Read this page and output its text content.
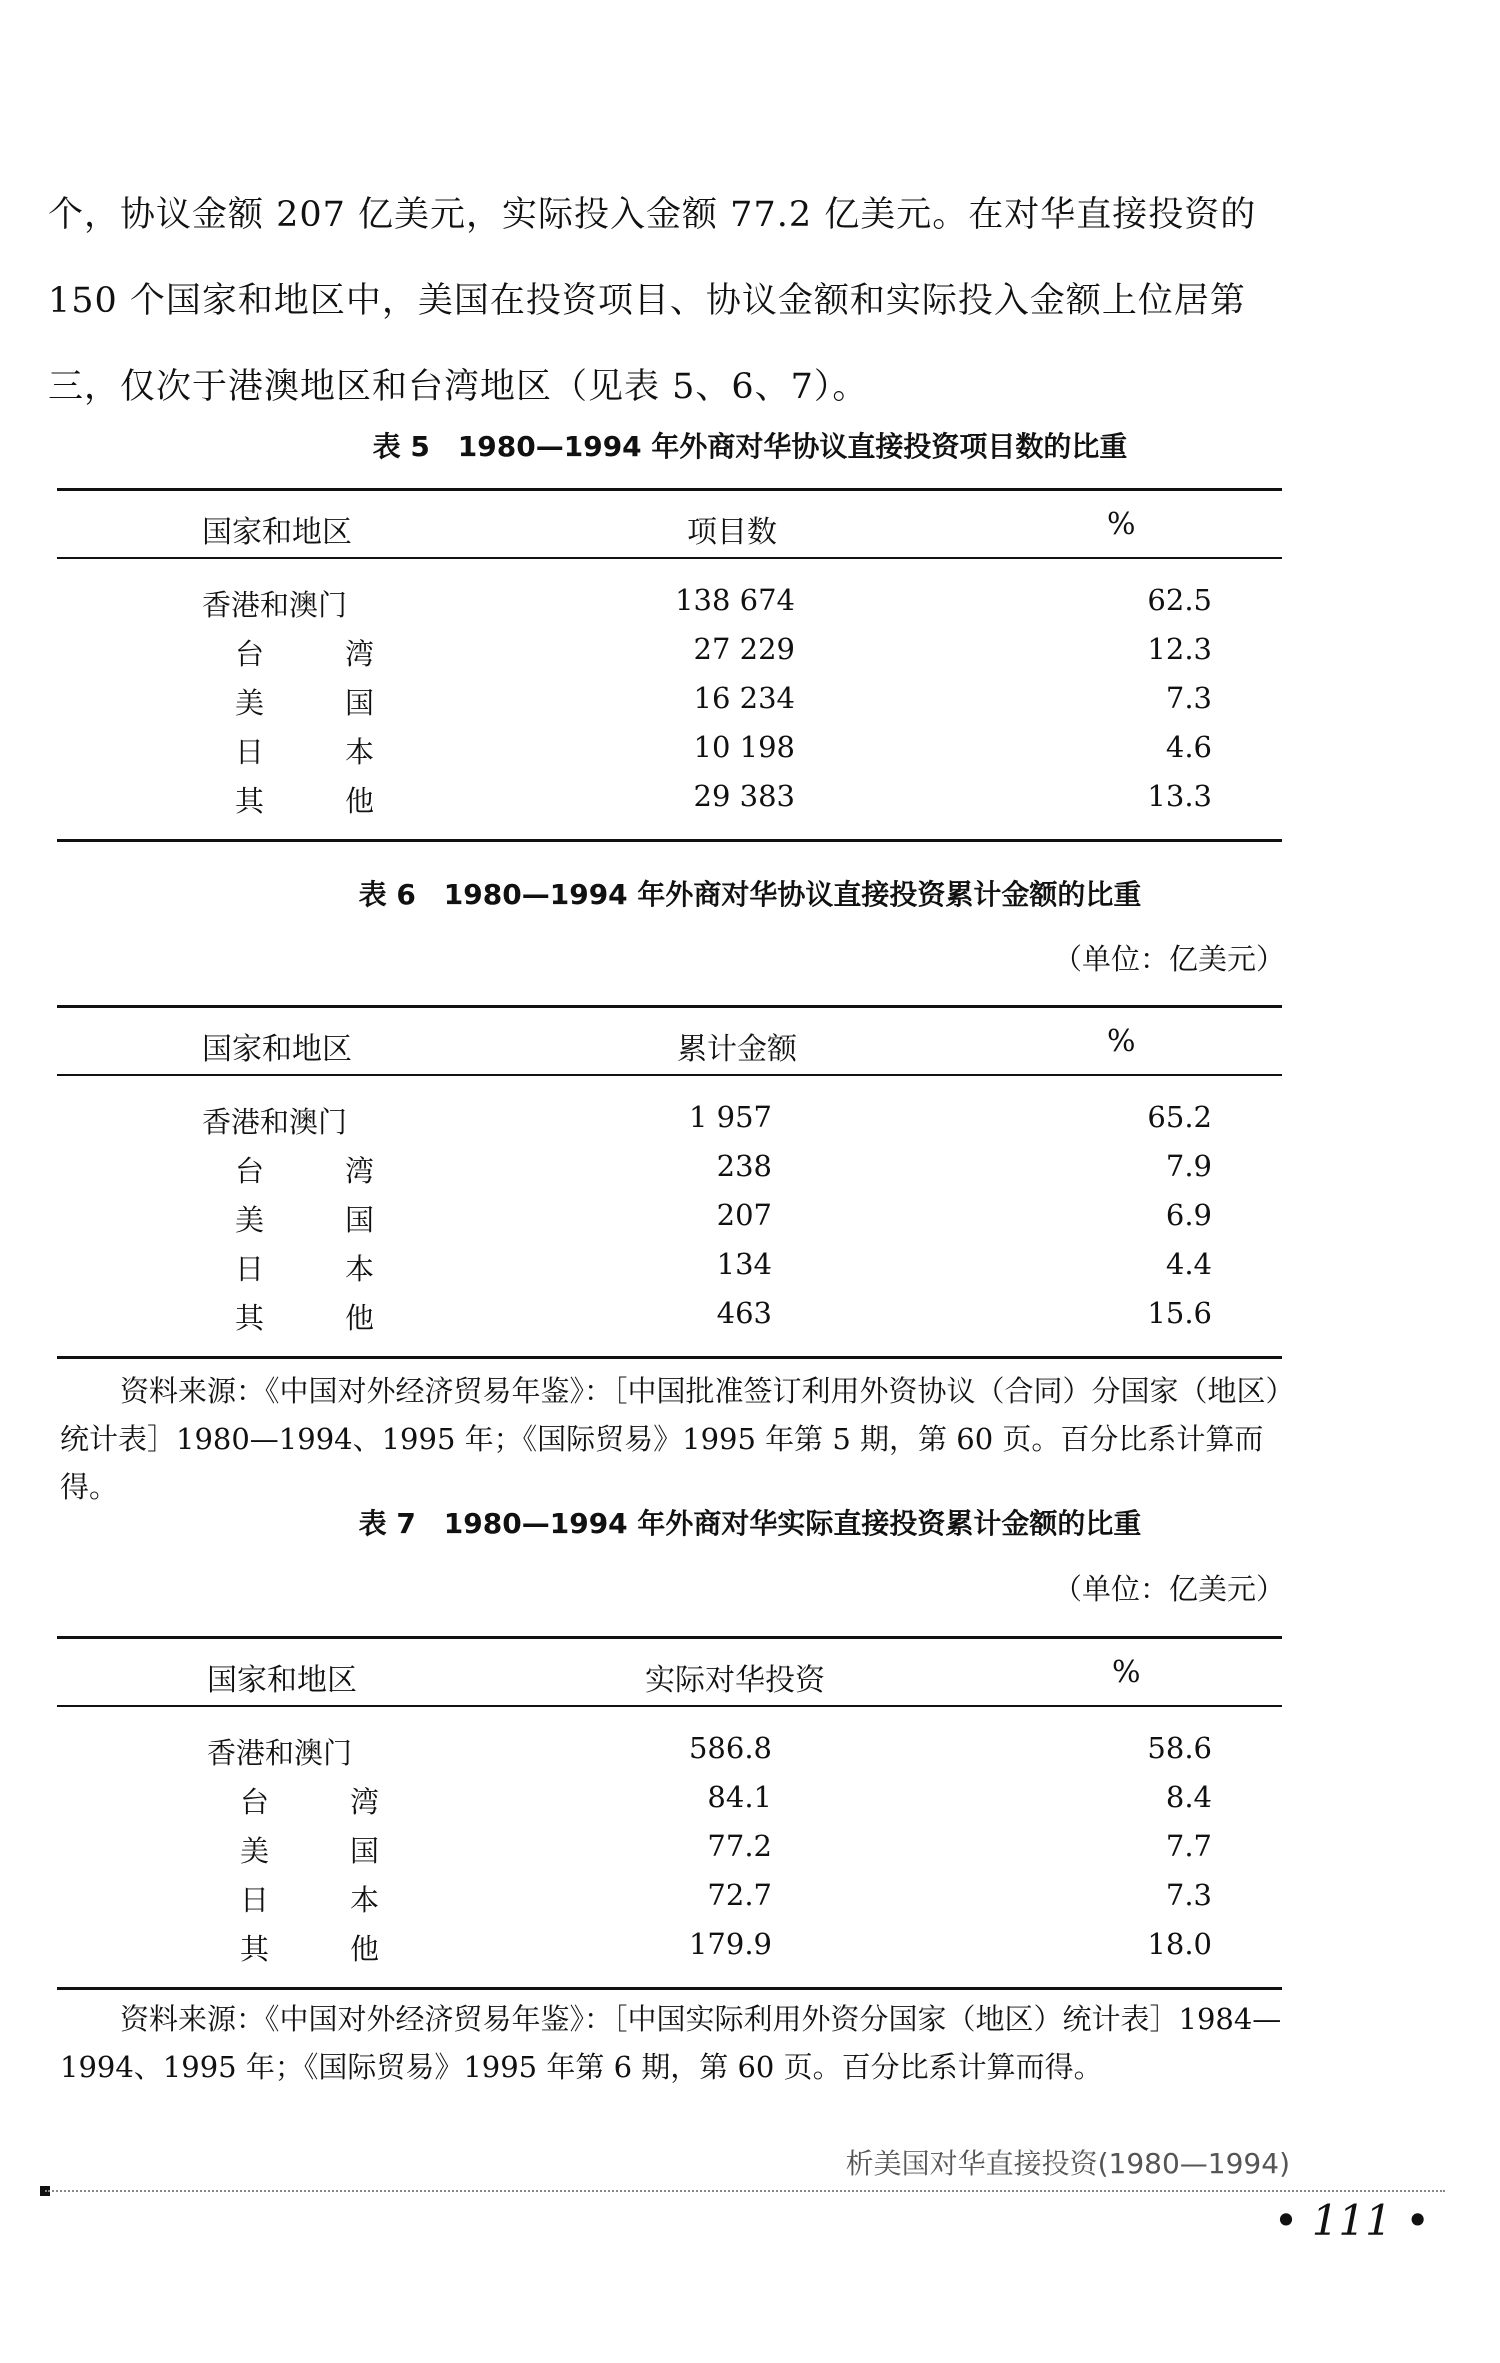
个，协议金额 207 亿美元，实际投入金额 77.2 亿美元。在对华直接投资的
150 个国家和地区中，美国在投资项目、协议金额和实际投入金额上位居第
三，仅次于港澳地区和台湾地区（见表 5、6、7）。
表 5　1980—1994 年外商对华协议直接投资项目数的比重
国家和地区	项目数	%
香港和澳门	138 674	62.5
台　湾	27 229	12.3
美　国	16 234	7.3
日　本	10 198	4.6
其　他	29 383	13.3
表 6　1980—1994 年外商对华协议直接投资累计金额的比重
（单位：亿美元）
国家和地区	累计金额	%
香港和澳门	1 957	65.2
台　湾	238	7.9
美　国	207	6.9
日　本	134	4.4
其　他	463	15.6
资料来源：《中国对外经济贸易年鉴》：［中国批准签订利用外资协议（合同）分国家（地区）统计表］1980—1994、1995 年；《国际贸易》1995 年第 5 期，第 60 页。百分比系计算而得。
表 7　1980—1994 年外商对华实际直接投资累计金额的比重
（单位：亿美元）
国家和地区	实际对华投资	%
香港和澳门	586.8	58.6
台　湾	84.1	8.4
美　国	77.2	7.7
日　本	72.7	7.3
其　他	179.9	18.0
资料来源：《中国对外经济贸易年鉴》：［中国实际利用外资分国家（地区）统计表］1984—1994、1995 年；《国际贸易》1995 年第 6 期，第 60 页。百分比系计算而得。
析美国对华直接投资(1980—1994)
• 111 •
